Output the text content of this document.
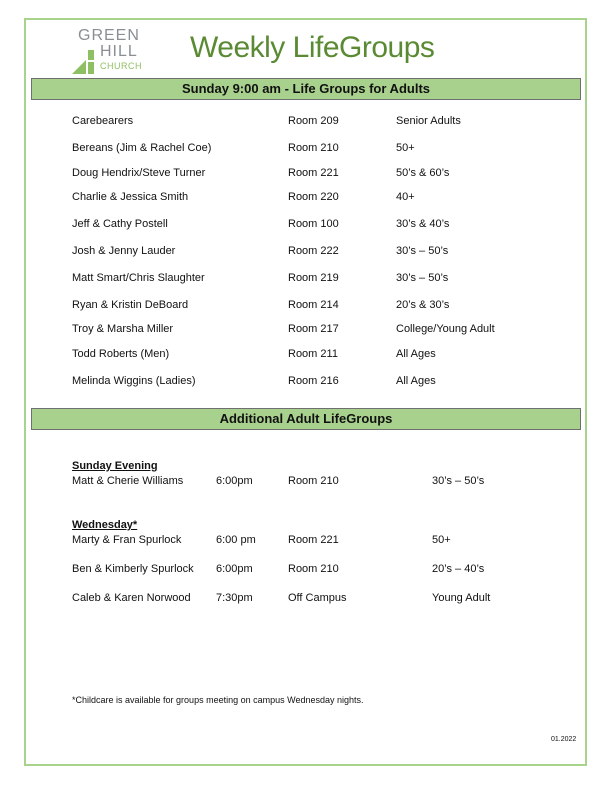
GREEN
HILL
CHURCH
Weekly LifeGroups
Sunday 9:00 am - Life Groups for Adults
Carebearers	Room 209	Senior Adults
Bereans (Jim & Rachel Coe)	Room 210	50+
Doug Hendrix/Steve Turner	Room 221	50’s & 60’s
Charlie & Jessica Smith	Room 220	40+
Jeff & Cathy Postell	Room 100	30’s & 40’s
Josh & Jenny Lauder	Room 222	30’s – 50’s
Matt Smart/Chris Slaughter	Room 219	30’s – 50’s
Ryan & Kristin DeBoard	Room 214	20’s & 30’s
Troy & Marsha Miller	Room 217	College/Young Adult
Todd Roberts (Men)	Room 211	All Ages
Melinda Wiggins (Ladies)	Room 216	All Ages
Additional Adult LifeGroups
Sunday Evening
Matt & Cherie Williams	6:00pm	Room 210	30’s – 50’s
Wednesday*
Marty & Fran Spurlock	6:00 pm	Room 221	50+
Ben & Kimberly Spurlock 6:00pm	Room 210	20’s – 40’s
Caleb & Karen Norwood 7:30pm	Off Campus	Young Adult
*Childcare is available for groups meeting on campus Wednesday nights.
01.2022
